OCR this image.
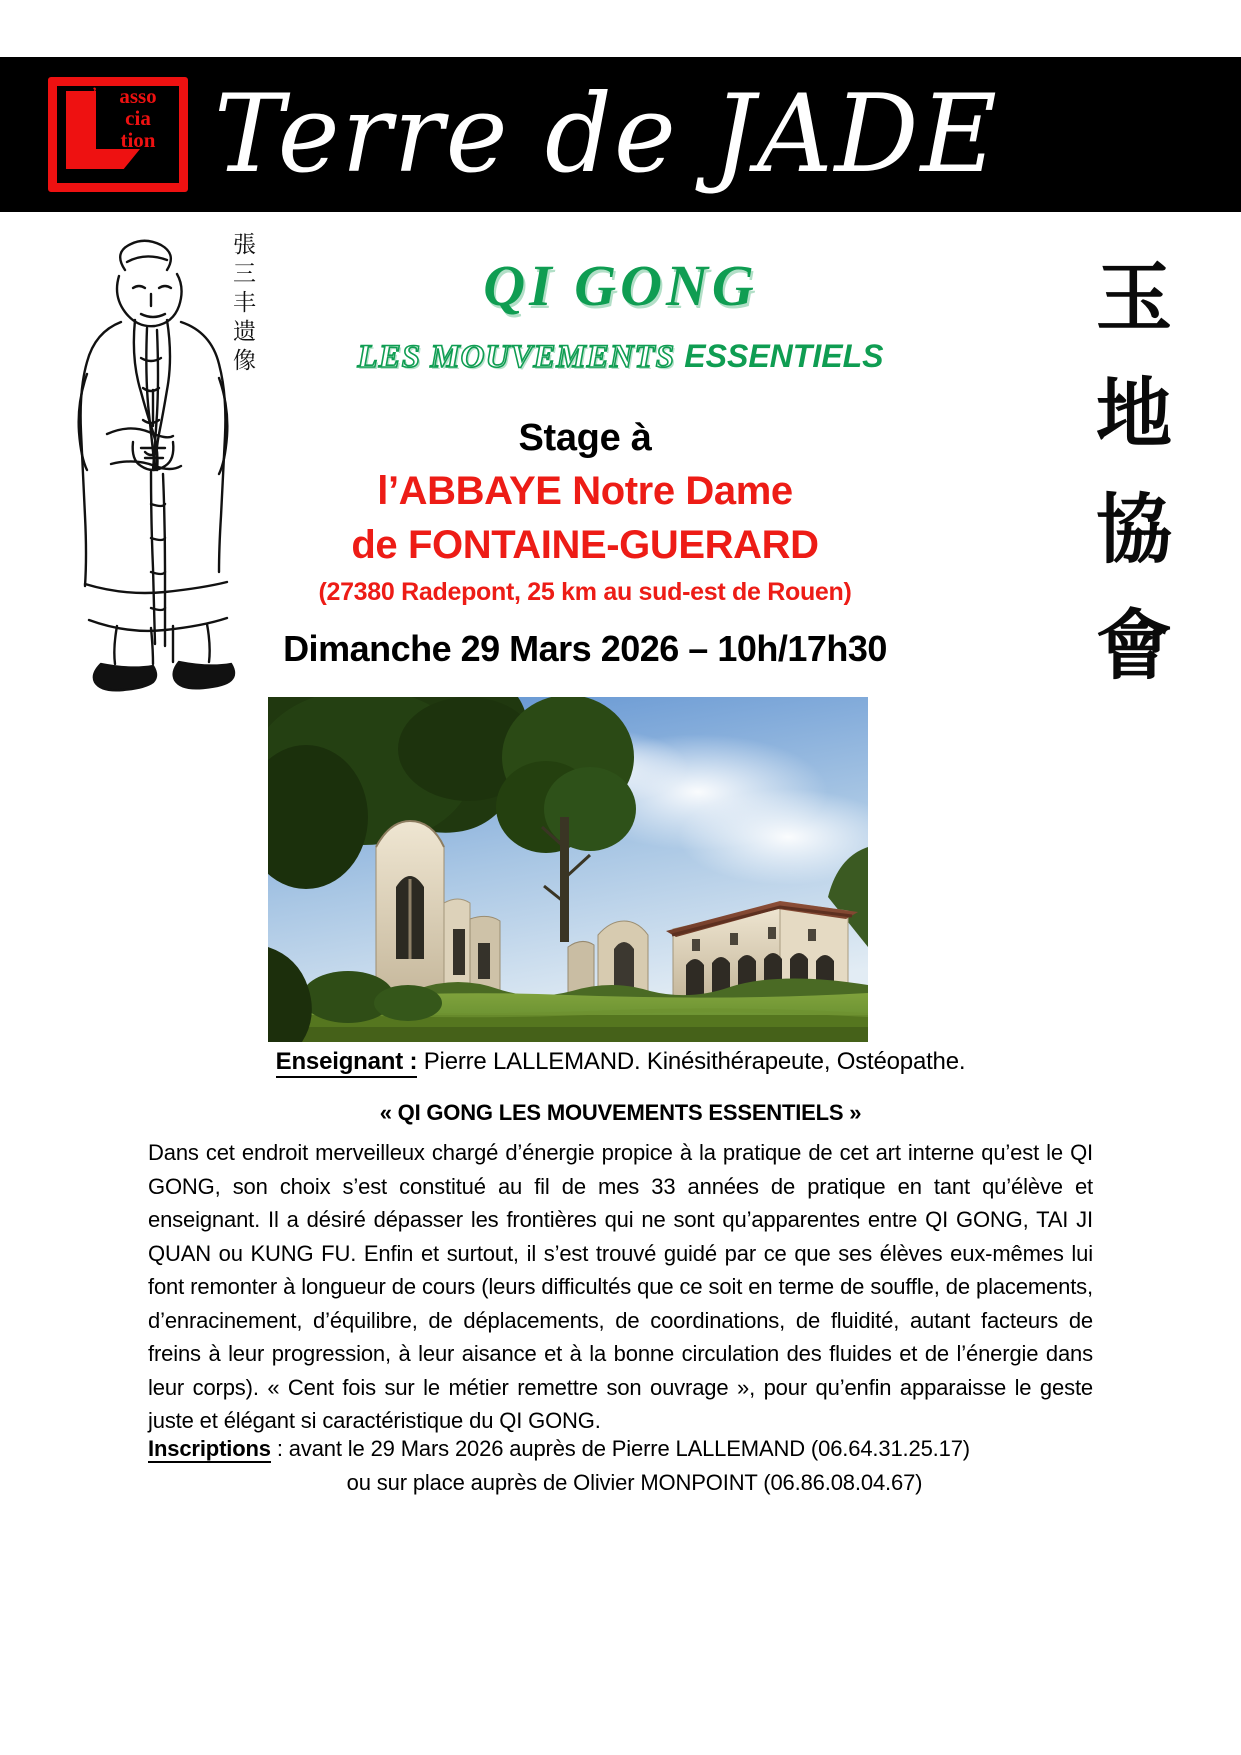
’	asso
cia
tion Terre de JADE
張三丰遗像	玉
地
協
會
QI GONG
LES MOUVEMENTS ESSENTIELS
Stage à
l’ABBAYE Notre Dame
de FONTAINE-GUERARD
(27380 Radepont, 25 km au sud-est de Rouen)
Dimanche 29 Mars 2026 – 10h/17h30
Enseignant : Pierre LALLEMAND. Kinésithérapeute, Ostéopathe.
« QI GONG LES MOUVEMENTS ESSENTIELS »
Dans cet endroit merveilleux chargé d’énergie propice à la pratique de cet art interne qu’est le QI GONG, son choix s’est constitué au fil de mes 33 années de pratique en tant qu’élève et enseignant. Il a désiré dépasser les frontières qui ne sont qu’apparentes entre QI GONG, TAI JI QUAN ou KUNG FU. Enfin et surtout, il s’est trouvé guidé par ce que ses élèves eux-mêmes lui font remonter à longueur de cours (leurs difficultés que ce soit en terme de souffle, de placements, d’enracinement, d’équilibre, de déplacements, de coordinations, de fluidité, autant facteurs de freins à leur progression, à leur aisance et à la bonne circulation des fluides et de l’énergie dans leur corps). « Cent fois sur le métier remettre son ouvrage », pour qu’enfin apparaisse le geste juste et élégant si caractéristique du QI GONG.
Inscriptions : avant le 29 Mars 2026 auprès de Pierre LALLEMAND (06.64.31.25.17)
ou sur place auprès de Olivier MONPOINT (06.86.08.04.67)
